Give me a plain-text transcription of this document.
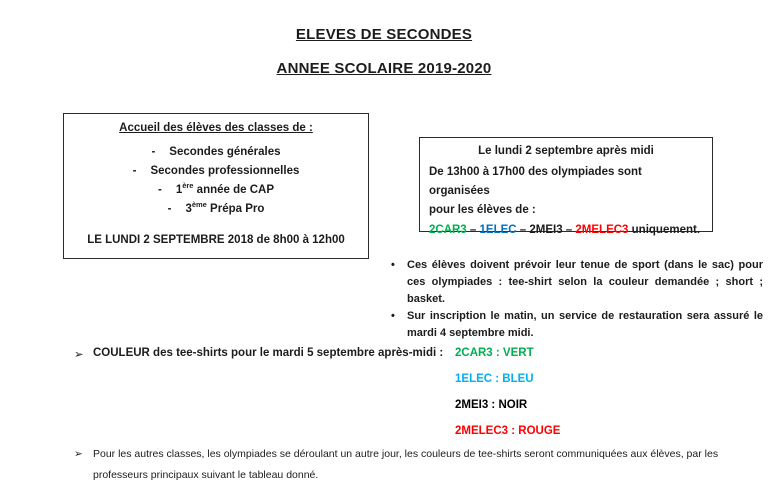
ELEVES DE SECONDES
ANNEE SCOLAIRE 2019-2020
Accueil des élèves des classes de :
- Secondes générales
- Secondes professionnelles
- 1ère année de CAP
- 3ème Prépa Pro
LE LUNDI 2 SEPTEMBRE 2018 de 8h00 à 12h00
Le lundi 2 septembre après midi
De 13h00 à 17h00 des olympiades sont organisées
pour les élèves de :
2CAR3 – 1ELEC – 2MEI3 – 2MELEC3 uniquement.
•	Ces élèves doivent prévoir leur tenue de sport (dans le sac) pour ces olympiades : tee-shirt selon la couleur demandée ; short ; basket.
•	Sur inscription le matin, un service de restauration sera assuré le mardi 4 septembre midi.
➢ COULEUR des tee-shirts pour le mardi 5 septembre après-midi : 2CAR3 : VERT
1ELEC : BLEU
2MEI3 : NOIR
2MELEC3 : ROUGE
➢ Pour les autres classes, les olympiades se déroulant un autre jour, les couleurs de tee-shirts seront communiquées aux élèves, par les professeurs principaux suivant le tableau donné.
